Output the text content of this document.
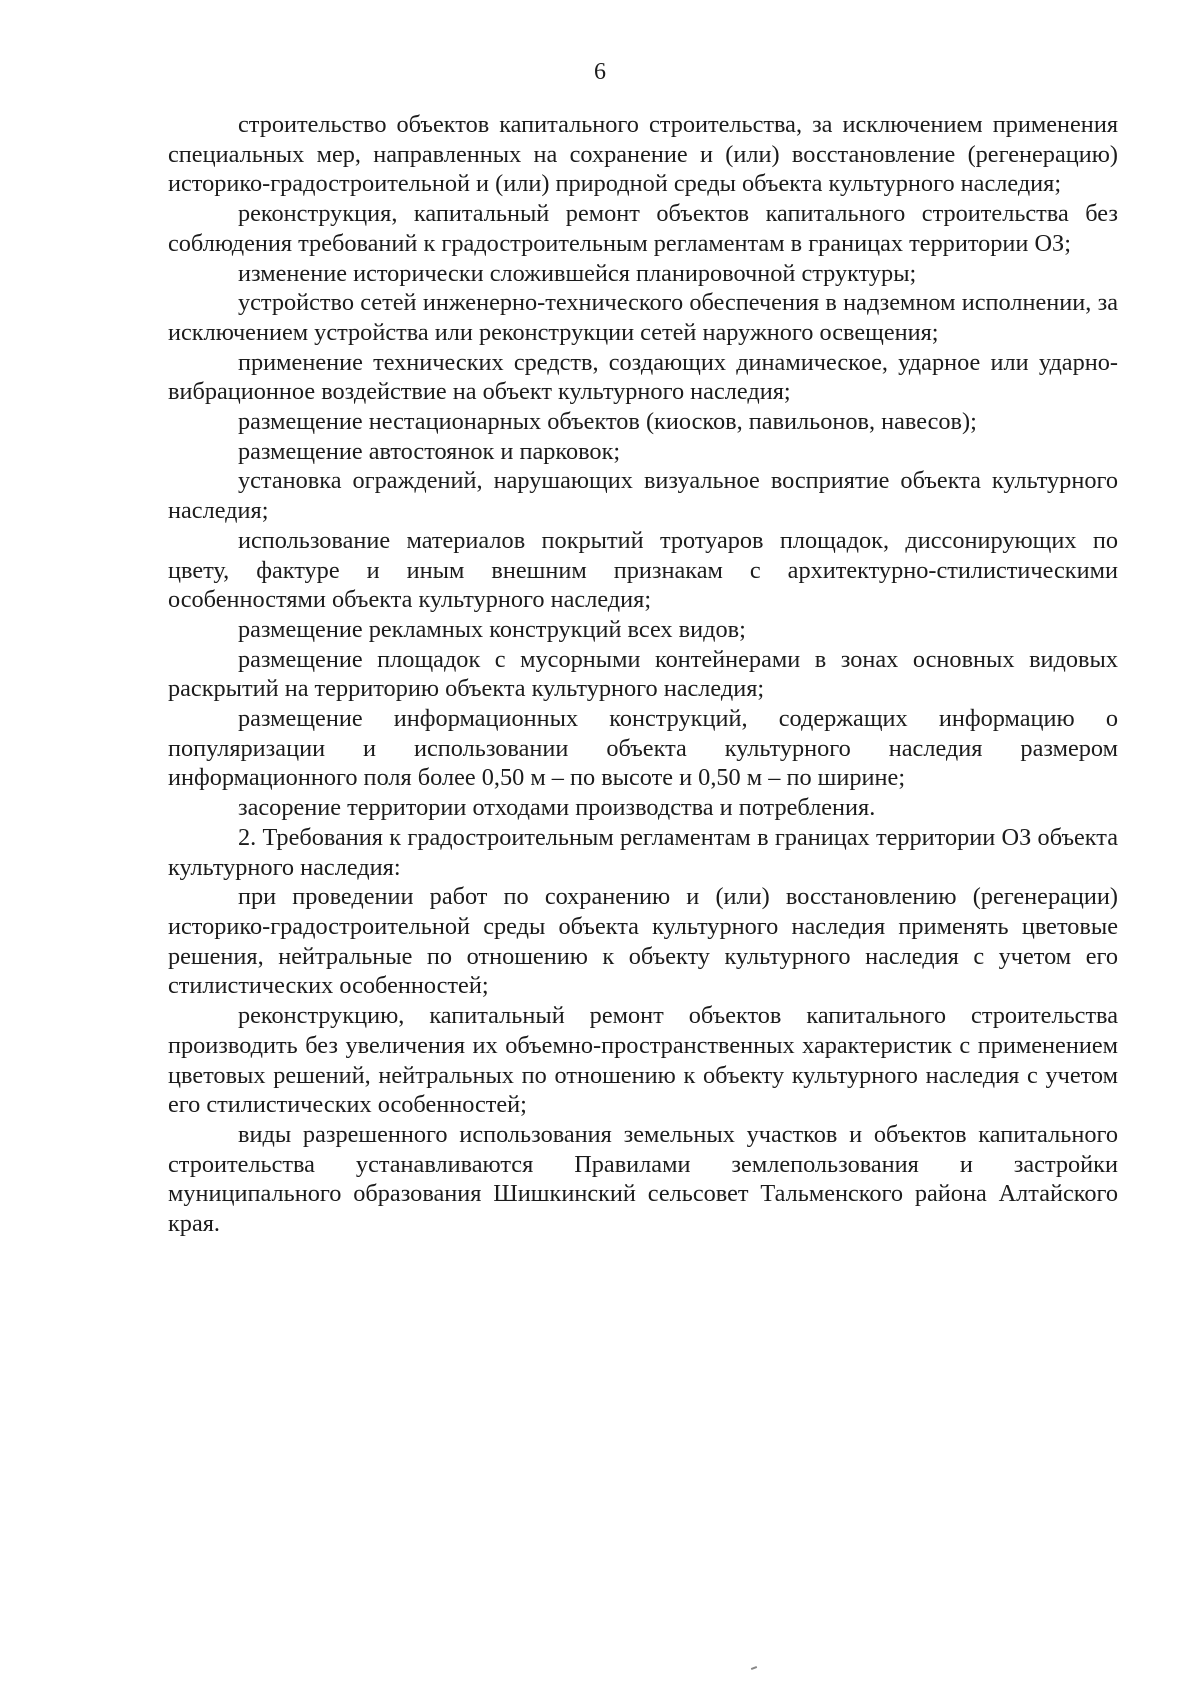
6

строительство объектов капитального строительства, за исключением применения специальных мер, направленных на сохранение и (или) восстановление (регенерацию) историко-градостроительной и (или) природной среды объекта культурного наследия;

реконструкция, капитальный ремонт объектов капитального строительства без соблюдения требований к градостроительным регламентам в границах территории ОЗ;

изменение исторически сложившейся планировочной структуры;

устройство сетей инженерно-технического обеспечения в надземном исполнении, за исключением устройства или реконструкции сетей наружного освещения;

применение технических средств, создающих динамическое, ударное или ударно-вибрационное воздействие на объект культурного наследия;

размещение нестационарных объектов (киосков, павильонов, навесов);

размещение автостоянок и парковок;

установка ограждений, нарушающих визуальное восприятие объекта культурного наследия;

использование материалов покрытий тротуаров площадок, диссонирующих по цвету, фактуре и иным внешним признакам с архитектурно-стилистическими особенностями объекта культурного наследия;

размещение рекламных конструкций всех видов;

размещение площадок с мусорными контейнерами в зонах основных видовых раскрытий на территорию объекта культурного наследия;

размещение информационных конструкций, содержащих информацию о популяризации и использовании объекта культурного наследия размером информационного поля более 0,50 м – по высоте и 0,50 м – по ширине;

засорение территории отходами производства и потребления.

2. Требования к градостроительным регламентам в границах территории ОЗ объекта культурного наследия:

при проведении работ по сохранению и (или) восстановлению (регенерации) историко-градостроительной среды объекта культурного наследия применять цветовые решения, нейтральные по отношению к объекту культурного наследия с учетом его стилистических особенностей;

реконструкцию, капитальный ремонт объектов капитального строительства производить без увеличения их объемно-пространственных характеристик с применением цветовых решений, нейтральных по отношению к объекту культурного наследия с учетом его стилистических особенностей;

виды разрешенного использования земельных участков и объектов капитального строительства устанавливаются Правилами землепользования и застройки муниципального образования Шишкинский сельсовет Тальменского района Алтайского края.
